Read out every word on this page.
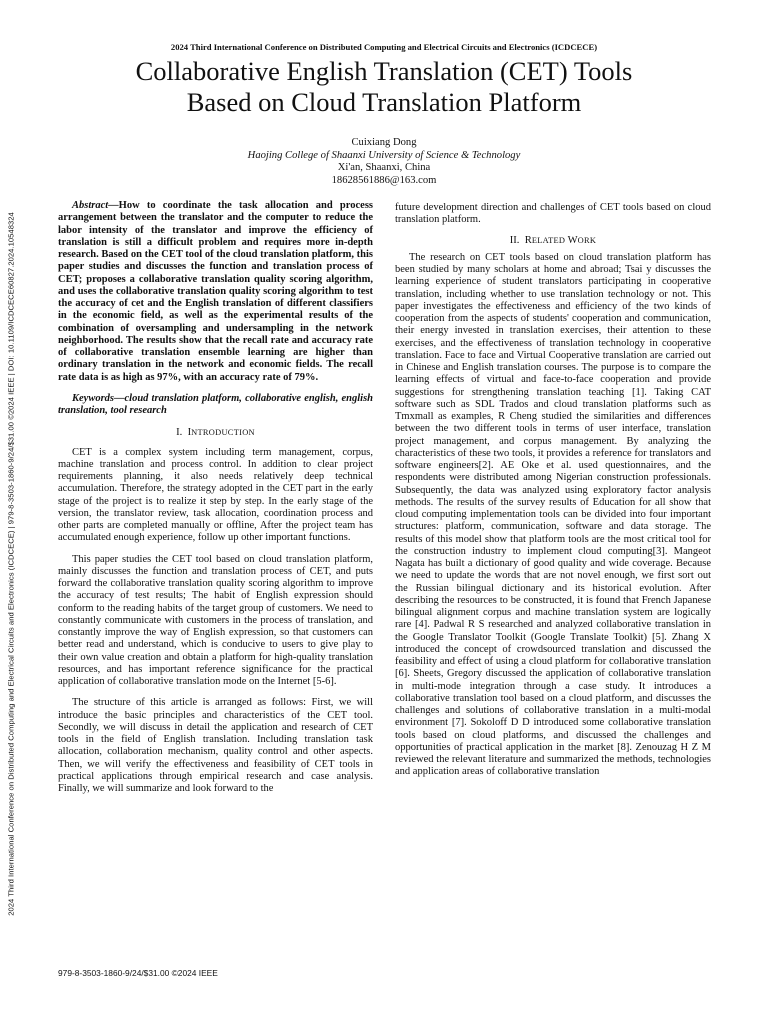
2024 Third International Conference on Distributed Computing and Electrical Circuits and Electronics (ICDCECE) | 979-8-3503-1860-9/24/$31.00 ©2024 IEEE | DOI: 10.1109/ICDCECE60827.2024.10548324
2024 Third International Conference on Distributed Computing and Electrical Circuits and Electronics (ICDCECE)
Collaborative English Translation (CET) Tools
Based on Cloud Translation Platform
Cuixiang Dong
Haojing College of Shaanxi University of Science & Technology
Xi'an, Shaanxi, China
18628561886@163.com

Abstract—How to coordinate the task allocation and process arrangement between the translator and the computer to reduce the labor intensity of the translator and improve the efficiency of translation is still a difficult problem and requires more in-depth research. Based on the CET tool of the cloud translation platform, this paper studies and discusses the function and translation process of CET; proposes a collaborative translation quality scoring algorithm, and uses the collaborative translation quality scoring algorithm to test the accuracy of cet and the English translation of different classifiers in the economic field, as well as the experimental results of the combination of oversampling and undersampling in the network neighborhood. The results show that the recall rate and accuracy rate of collaborative translation ensemble learning are higher than ordinary translation in the network and economic fields. The recall rate data is as high as 97%, with an accuracy rate of 79%.

Keywords—cloud translation platform, collaborative english, english translation, tool research

I. INTRODUCTION

CET is a complex system including term management, corpus, machine translation and process control. In addition to clear project requirements planning, it also needs relatively deep technical accumulation. Therefore, the strategy adopted in the CET part in the early stage of the project is to realize it step by step. In the early stage of the version, the translator review, task allocation, coordination process and other parts are completed manually or offline, After the project team has accumulated enough experience, follow up other important functions.

This paper studies the CET tool based on cloud translation platform, mainly discusses the function and translation process of CET, and puts forward the collaborative translation quality scoring algorithm to improve the accuracy of test results; The habit of English expression should conform to the reading habits of the target group of customers. We need to constantly communicate with customers in the process of translation, and constantly improve the way of English expression, so that customers can better read and understand, which is conducive to users to give play to their own value creation and obtain a platform for high-quality translation resources, and has important reference significance for the practical application of collaborative translation mode on the Internet [5-6].

The structure of this article is arranged as follows: First, we will introduce the basic principles and characteristics of the CET tool. Secondly, we will discuss in detail the application and research of CET tools in the field of English translation. Including translation task allocation, collaboration mechanism, quality control and other aspects. Then, we will verify the effectiveness and feasibility of CET tools in practical applications through empirical research and case analysis. Finally, we will summarize and look forward to the

future development direction and challenges of CET tools based on cloud translation platform.

II. RELATED WORK

The research on CET tools based on cloud translation platform has been studied by many scholars at home and abroad; Tsai y discusses the learning experience of student translators participating in cooperative translation, including whether to use translation technology or not. This paper investigates the effectiveness and efficiency of the two kinds of cooperation from the aspects of students' cooperation and communication, their energy invested in translation exercises, their attention to these exercises, and the effectiveness of translation technology in cooperative translation. Face to face and Virtual Cooperative translation are carried out in Chinese and English translation courses. The purpose is to compare the learning effects of virtual and face-to-face cooperation and provide suggestions for strengthening translation teaching [1]. Taking CAT software such as SDL Trados and cloud translation platforms such as Tmxmall as examples, R Cheng studied the similarities and differences between the two different tools in terms of user interface, translation project management, and corpus management. By analyzing the characteristics of these two tools, it provides a reference for translators and software engineers[2]. AE Oke et al. used questionnaires, and the respondents were distributed among Nigerian construction professionals. Subsequently, the data was analyzed using exploratory factor analysis methods. The results of the survey results of Education for all show that cloud computing implementation tools can be divided into four important structures: platform, communication, software and data storage. The results of this model show that platform tools are the most critical tool for the construction industry to implement cloud computing[3]. Mangeot Nagata has built a dictionary of good quality and wide coverage. Because we need to update the words that are not novel enough, we first sort out the Russian bilingual dictionary and its historical evolution. After describing the resources to be constructed, it is found that French Japanese bilingual alignment corpus and machine translation system are logically rare [4]. Padwal R S researched and analyzed collaborative translation in the Google Translator Toolkit (Google Translate Toolkit) [5]. Zhang X introduced the concept of crowdsourced translation and discussed the feasibility and effect of using a cloud platform for collaborative translation [6]. Sheets, Gregory discussed the application of collaborative translation in multi-mode integration through a case study. It introduces a collaborative translation tool based on a cloud platform, and discusses the challenges and solutions of collaborative translation in a multi-modal environment [7]. Sokoloff D D introduced some collaborative translation tools based on cloud platforms, and discussed the challenges and opportunities of practical application in the market [8]. Zenouzag H Z M reviewed the relevant literature and summarized the methods, technologies and application areas of collaborative translation

979-8-3503-1860-9/24/$31.00 ©2024 IEEE
